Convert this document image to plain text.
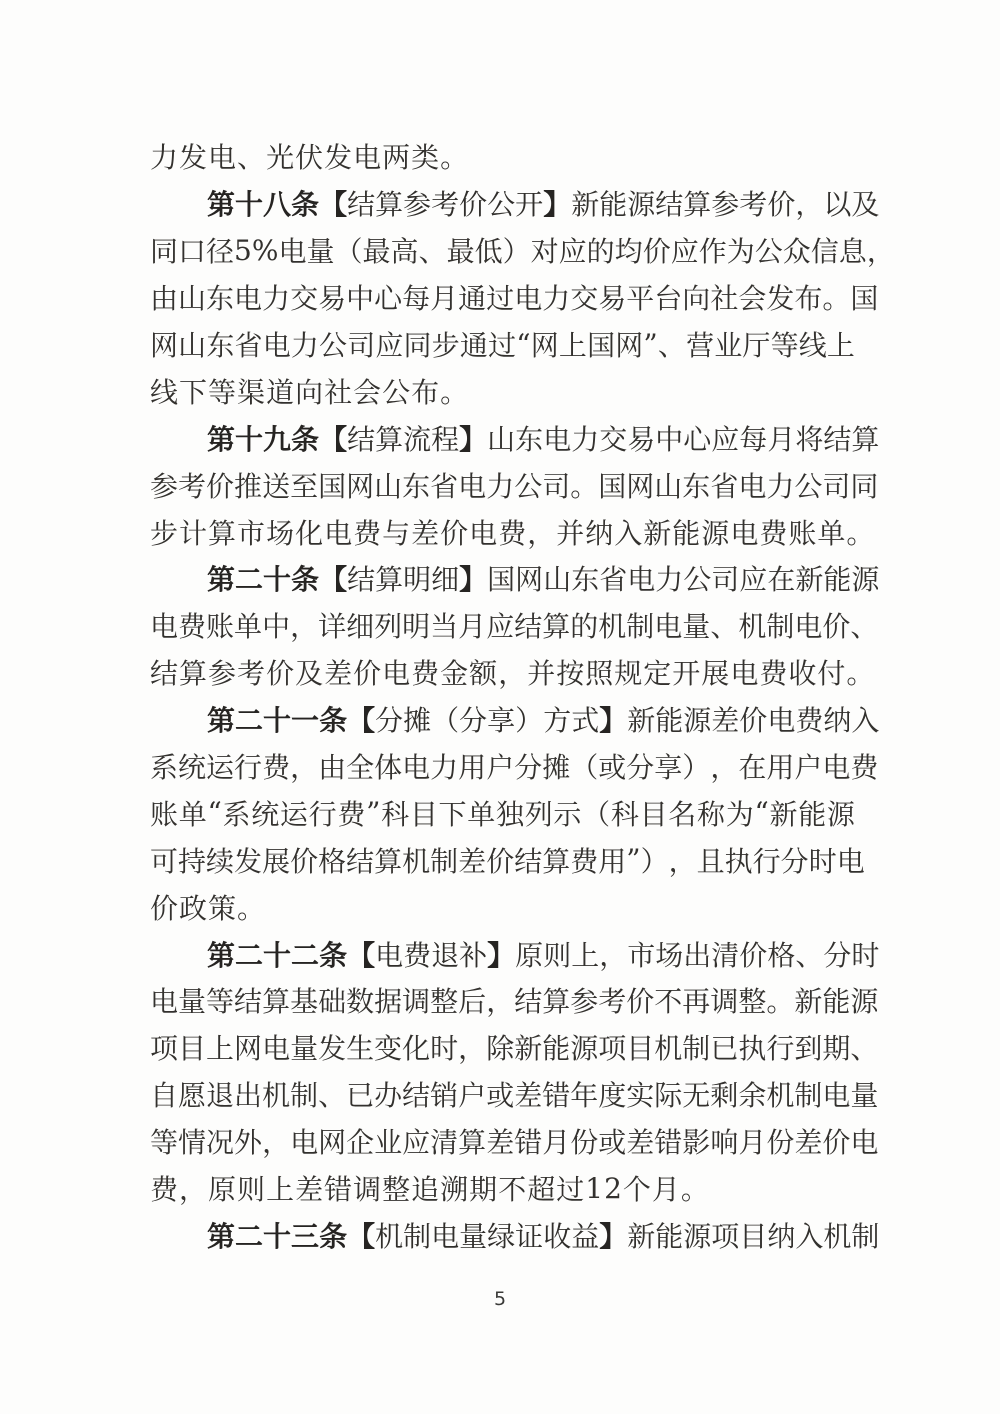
力 发 电 、 光 伏 发 电 两 类 。
第 十 八 条 【 结 算 参 考 价 公 开 】 新 能 源 结 算 参 考 价 ， 以 及
同 口 径 5 % 电 量 （ 最 高 、 最 低 ） 对 应 的 均 价 应 作 为 公 众 信 息 ，
由 山 东 电 力 交 易 中 心 每 月 通 过 电 力 交 易 平 台 向 社 会 发 布 。 国
网 山 东 省 电 力 公 司 应 同 步 通 过 “ 网 上 国 网 ” 、 营 业 厅 等 线 上
线 下 等 渠 道 向 社 会 公 布 。
第 十 九 条 【 结 算 流 程 】 山 东 电 力 交 易 中 心 应 每 月 将 结 算
参 考 价 推 送 至 国 网 山 东 省 电 力 公 司 。 国 网 山 东 省 电 力 公 司 同
步 计 算 市 场 化 电 费 与 差 价 电 费 ， 并 纳 入 新 能 源 电 费 账 单 。
第 二 十 条 【 结 算 明 细 】 国 网 山 东 省 电 力 公 司 应 在 新 能 源
电 费 账 单 中 ， 详 细 列 明 当 月 应 结 算 的 机 制 电 量 、 机 制 电 价 、
结 算 参 考 价 及 差 价 电 费 金 额 ， 并 按 照 规 定 开 展 电 费 收 付 。
第 二 十 一 条 【 分 摊 （ 分 享 ） 方 式 】 新 能 源 差 价 电 费 纳 入
系 统 运 行 费 ， 由 全 体 电 力 用 户 分 摊 （ 或 分 享 ） ， 在 用 户 电 费
账 单 “ 系 统 运 行 费 ” 科 目 下 单 独 列 示 （ 科 目 名 称 为 “ 新 能 源
可 持 续 发 展 价 格 结 算 机 制 差 价 结 算 费 用 ” ） ， 且 执 行 分 时 电
价 政 策 。
第 二 十 二 条 【 电 费 退 补 】 原 则 上 ， 市 场 出 清 价 格 、 分 时
电 量 等 结 算 基 础 数 据 调 整 后 ， 结 算 参 考 价 不 再 调 整 。 新 能 源
项 目 上 网 电 量 发 生 变 化 时 ， 除 新 能 源 项 目 机 制 已 执 行 到 期 、
自 愿 退 出 机 制 、 已 办 结 销 户 或 差 错 年 度 实 际 无 剩 余 机 制 电 量
等 情 况 外 ， 电 网 企 业 应 清 算 差 错 月 份 或 差 错 影 响 月 份 差 价 电
费 ， 原 则 上 差 错 调 整 追 溯 期 不 超 过 1 2 个 月 。
第 二 十 三 条 【 机 制 电 量 绿 证 收 益 】 新 能 源 项 目 纳 入 机 制
5
